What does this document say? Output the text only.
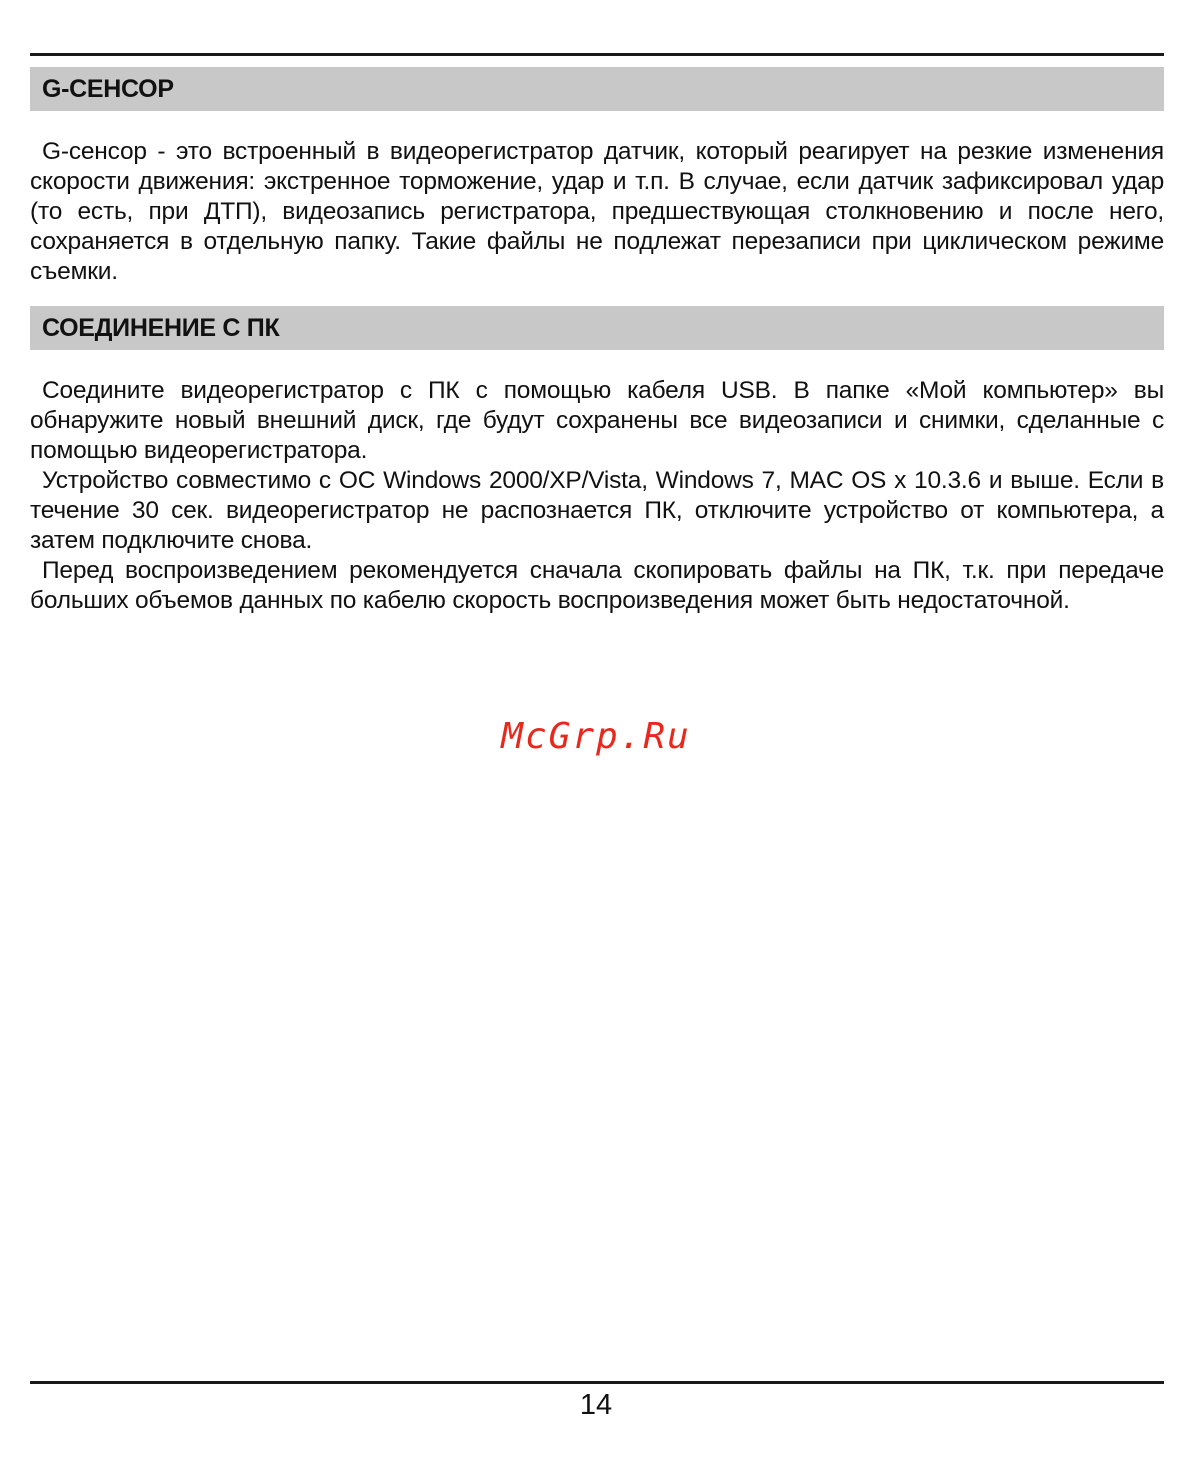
G-СЕНСОР

G-сенсор - это встроенный в видеорегистратор датчик, который реагирует на резкие изменения скорости движения: экстренное торможение, удар и т.п. В случае, если датчик зафиксировал удар (то есть, при ДТП), видеозапись регистратора, предшествующая столкновению и после него, сохраняется в отдельную папку. Такие файлы не подлежат перезаписи при циклическом режиме съемки.

СОЕДИНЕНИЕ С ПК

Соедините видеорегистратор с ПК с помощью кабеля USB. В папке «Мой компьютер» вы обнаружите новый внешний диск, где будут сохранены все видеозаписи и снимки, сделанные с помощью видеорегистратора.

Устройство совместимо с ОС Windows 2000/XP/Vista, Windows 7, MAC OS x 10.3.6 и выше. Если в течение 30 сек. видеорегистратор не распознается ПК, отключите устройство от компьютера, а затем подключите снова.

Перед воспроизведением рекомендуется сначала скопировать файлы на ПК, т.к. при передаче больших объемов данных по кабелю скорость воспроизведения может быть недостаточной.

McGrp.Ru
14
